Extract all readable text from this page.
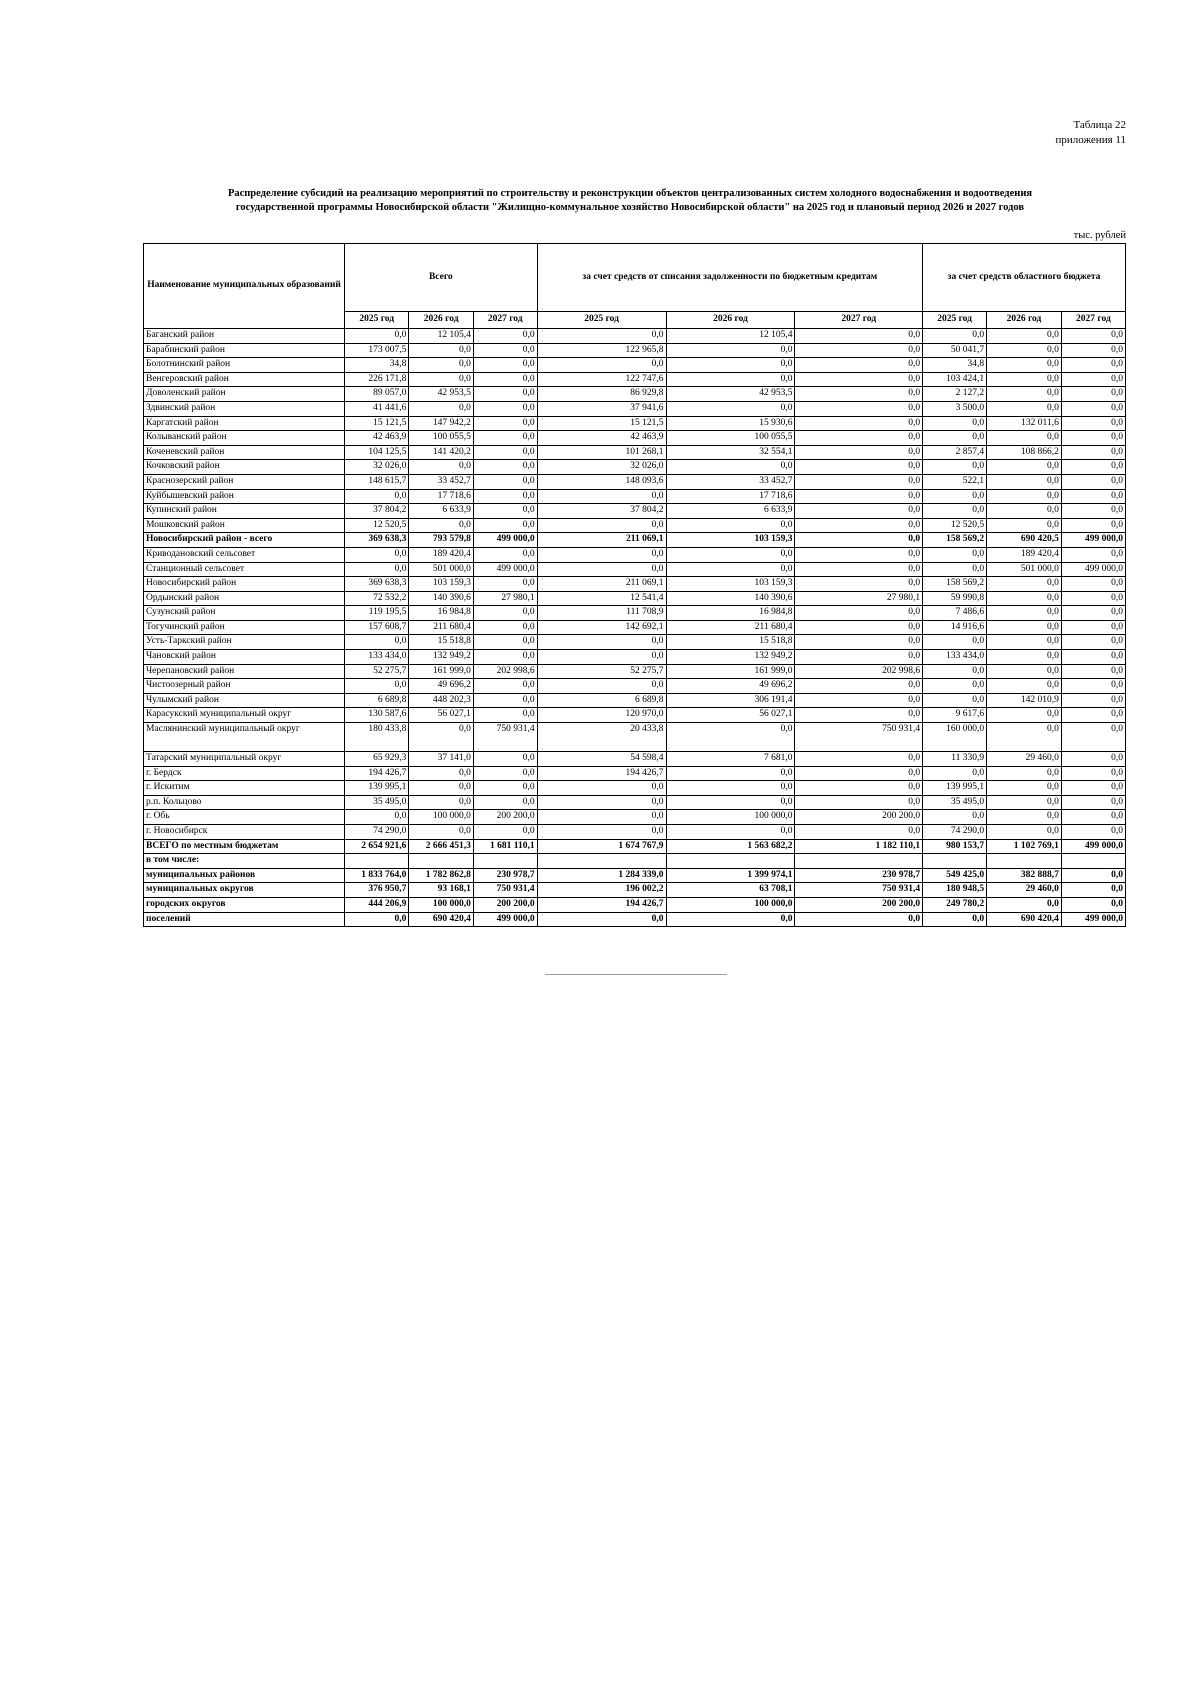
Таблица 22
приложения 11
Распределение субсидий на реализацию мероприятий по строительству и реконструкции объектов централизованных систем холодного водоснабжения и водоотведения
государственной программы Новосибирской области "Жилищно-коммунальное хозяйство Новосибирской области" на 2025 год и плановый период 2026 и 2027 годов
тыс. рублей
Наименование муниципальных образований	Всего			за счет средств от списания задолженности по бюджетным кредитам			за счет средств областного бюджета		
	2025 год	2026 год	2027 год	2025 год	2026 год	2027 год	2025 год	2026 год	2027 год
Баганский район	0,0	12 105,4	0,0	0,0	12 105,4	0,0	0,0	0,0	0,0
Барабинский район	173 007,5	0,0	0,0	122 965,8	0,0	0,0	50 041,7	0,0	0,0
Болотнинский район	34,8	0,0	0,0	0,0	0,0	0,0	34,8	0,0	0,0
Венгеровский район	226 171,8	0,0	0,0	122 747,6	0,0	0,0	103 424,1	0,0	0,0
Доволенский район	89 057,0	42 953,5	0,0	86 929,8	42 953,5	0,0	2 127,2	0,0	0,0
Здвинский район	41 441,6	0,0	0,0	37 941,6	0,0	0,0	3 500,0	0,0	0,0
Каргатский район	15 121,5	147 942,2	0,0	15 121,5	15 930,6	0,0	0,0	132 011,6	0,0
Колыванский район	42 463,9	100 055,5	0,0	42 463,9	100 055,5	0,0	0,0	0,0	0,0
Коченевский район	104 125,5	141 420,2	0,0	101 268,1	32 554,1	0,0	2 857,4	108 866,2	0,0
Кочковский район	32 026,0	0,0	0,0	32 026,0	0,0	0,0	0,0	0,0	0,0
Краснозерский район	148 615,7	33 452,7	0,0	148 093,6	33 452,7	0,0	522,1	0,0	0,0
Куйбышевский район	0,0	17 718,6	0,0	0,0	17 718,6	0,0	0,0	0,0	0,0
Купинский район	37 804,2	6 633,9	0,0	37 804,2	6 633,9	0,0	0,0	0,0	0,0
Мошковский район	12 520,5	0,0	0,0	0,0	0,0	0,0	12 520,5	0,0	0,0
Новосибирский район - всего	369 638,3	793 579,8	499 000,0	211 069,1	103 159,3	0,0	158 569,2	690 420,5	499 000,0
Криводановский сельсовет	0,0	189 420,4	0,0	0,0	0,0	0,0	0,0	189 420,4	0,0
Станционный сельсовет	0,0	501 000,0	499 000,0	0,0	0,0	0,0	0,0	501 000,0	499 000,0
Новосибирский район	369 638,3	103 159,3	0,0	211 069,1	103 159,3	0,0	158 569,2	0,0	0,0
Ордынский район	72 532,2	140 390,6	27 980,1	12 541,4	140 390,6	27 980,1	59 990,8	0,0	0,0
Сузунский район	119 195,5	16 984,8	0,0	111 708,9	16 984,8	0,0	7 486,6	0,0	0,0
Тогучинский район	157 608,7	211 680,4	0,0	142 692,1	211 680,4	0,0	14 916,6	0,0	0,0
Усть-Таркский район	0,0	15 518,8	0,0	0,0	15 518,8	0,0	0,0	0,0	0,0
Чановский район	133 434,0	132 949,2	0,0	0,0	132 949,2	0,0	133 434,0	0,0	0,0
Черепановский район	52 275,7	161 999,0	202 998,6	52 275,7	161 999,0	202 998,6	0,0	0,0	0,0
Чистоозерный район	0,0	49 696,2	0,0	0,0	49 696,2	0,0	0,0	0,0	0,0
Чулымский район	6 689,8	448 202,3	0,0	6 689,8	306 191,4	0,0	0,0	142 010,9	0,0
Карасукский муниципальный округ	130 587,6	56 027,1	0,0	120 970,0	56 027,1	0,0	9 617,6	0,0	0,0
Маслянинский муниципальный округ	180 433,8	0,0	750 931,4	20 433,8	0,0	750 931,4	160 000,0	0,0	0,0
Татарский муниципальный округ	65 929,3	37 141,0	0,0	54 598,4	7 681,0	0,0	11 330,9	29 460,0	0,0
г. Бердск	194 426,7	0,0	0,0	194 426,7	0,0	0,0	0,0	0,0	0,0
г. Искитим	139 995,1	0,0	0,0	0,0	0,0	0,0	139 995,1	0,0	0,0
р.п. Кольцово	35 495,0	0,0	0,0	0,0	0,0	0,0	35 495,0	0,0	0,0
г. Обь	0,0	100 000,0	200 200,0	0,0	100 000,0	200 200,0	0,0	0,0	0,0
г. Новосибирск	74 290,0	0,0	0,0	0,0	0,0	0,0	74 290,0	0,0	0,0
ВСЕГО по местным бюджетам	2 654 921,6	2 666 451,3	1 681 110,1	1 674 767,9	1 563 682,2	1 182 110,1	980 153,7	1 102 769,1	499 000,0
в том числе:									
муниципальных районов	1 833 764,0	1 782 862,8	230 978,7	1 284 339,0	1 399 974,1	230 978,7	549 425,0	382 888,7	0,0
муниципальных округов	376 950,7	93 168,1	750 931,4	196 002,2	63 708,1	750 931,4	180 948,5	29 460,0	0,0
городских округов	444 206,9	100 000,0	200 200,0	194 426,7	100 000,0	200 200,0	249 780,2	0,0	0,0
поселений	0,0	690 420,4	499 000,0	0,0	0,0	0,0	0,0	690 420,4	499 000,0
